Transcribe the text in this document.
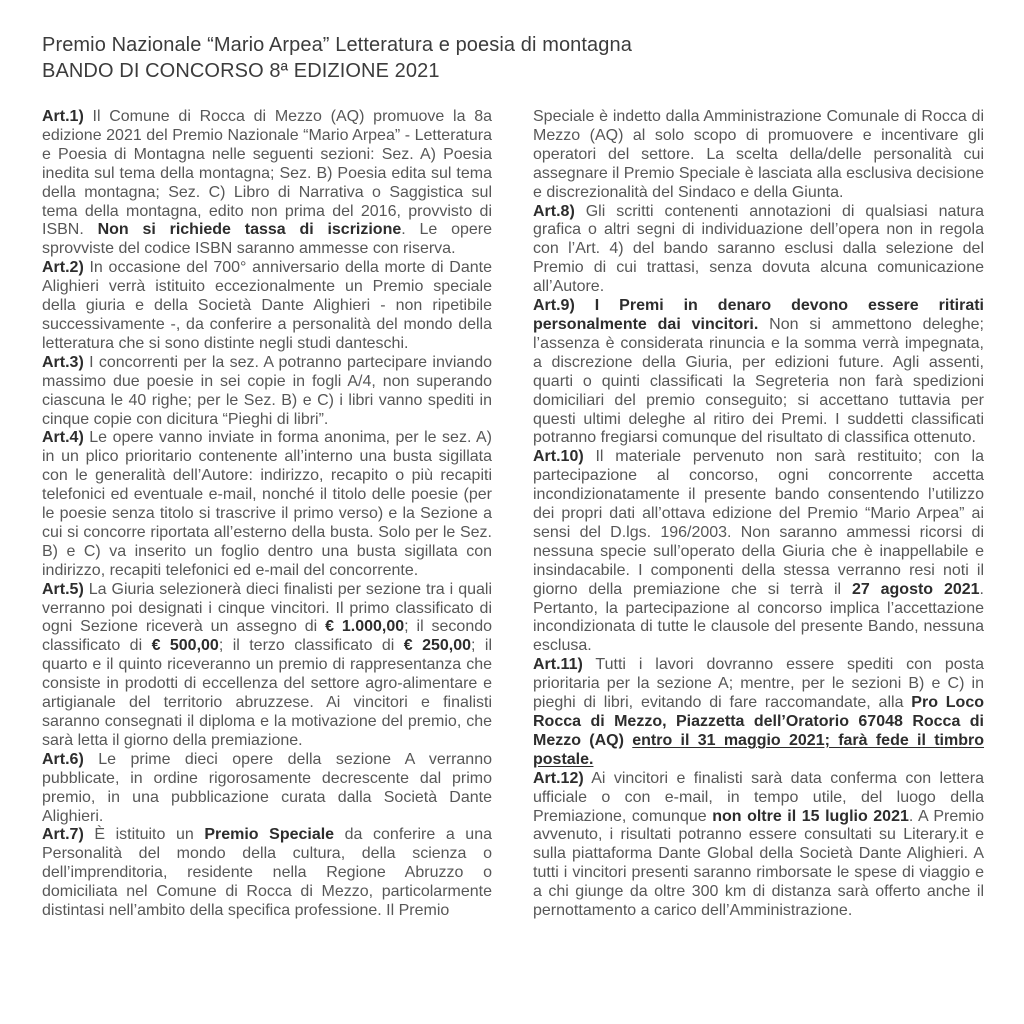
Premio Nazionale “Mario Arpea” Letteratura e poesia di montagna
BANDO DI CONCORSO 8ª EDIZIONE 2021

Art.1) Il Comune di Rocca di Mezzo (AQ) promuove la 8a edizione 2021 del Premio Nazionale “Mario Arpea” - Letteratura e Poesia di Montagna nelle seguenti sezioni: Sez. A) Poesia inedita sul tema della montagna; Sez. B) Poesia edita sul tema della montagna; Sez. C) Libro di Narrativa o Saggistica sul tema della montagna, edito non prima del 2016, provvisto di ISBN. Non si richiede tassa di iscrizione. Le opere sprovviste del codice ISBN saranno ammesse con riserva.

Art.2) In occasione del 700° anniversario della morte di Dante Alighieri verrà istituito eccezionalmente un Premio speciale della giuria e della Società Dante Alighieri - non ripetibile successivamente -, da conferire a personalità del mondo della letteratura che si sono distinte negli studi danteschi.

Art.3) I concorrenti per la sez. A potranno partecipare inviando massimo due poesie in sei copie in fogli A/4, non superando ciascuna le 40 righe; per le Sez. B) e C) i libri vanno spediti in cinque copie con dicitura “Pieghi di libri”.

Art.4) Le opere vanno inviate in forma anonima, per le sez. A) in un plico prioritario contenente all’interno una busta sigillata con le generalità dell’Autore: indirizzo, recapito o più recapiti telefonici ed eventuale e-mail, nonché il titolo delle poesie (per le poesie senza titolo si trascrive il primo verso) e la Sezione a cui si concorre riportata all’esterno della busta. Solo per le Sez. B) e C) va inserito un foglio dentro una busta sigillata con indirizzo, recapiti telefonici ed e-mail del concorrente.

Art.5) La Giuria selezionerà dieci finalisti per sezione tra i quali verranno poi designati i cinque vincitori. Il primo classificato di ogni Sezione riceverà un assegno di € 1.000,00; il secondo classificato di € 500,00; il terzo classificato di € 250,00; il quarto e il quinto riceveranno un premio di rappresentanza che consiste in prodotti di eccellenza del settore agro-alimentare e artigianale del territorio abruzzese. Ai vincitori e finalisti saranno consegnati il diploma e la motivazione del premio, che sarà letta il giorno della premiazione.

Art.6) Le prime dieci opere della sezione A verranno pubblicate, in ordine rigorosamente decrescente dal primo premio, in una pubblicazione curata dalla Società Dante Alighieri.

Art.7) È istituito un Premio Speciale da conferire a una Personalità del mondo della cultura, della scienza o dell’imprenditoria, residente nella Regione Abruzzo o domiciliata nel Comune di Rocca di Mezzo, particolarmente distintasi nell’ambito della specifica professione. Il Premio

Speciale è indetto dalla Amministrazione Comunale di Rocca di Mezzo (AQ) al solo scopo di promuovere e incentivare gli operatori del settore. La scelta della/delle personalità cui assegnare il Premio Speciale è lasciata alla esclusiva decisione e discrezionalità del Sindaco e della Giunta.

Art.8) Gli scritti contenenti annotazioni di qualsiasi natura grafica o altri segni di individuazione dell’opera non in regola con l’Art. 4) del bando saranno esclusi dalla selezione del Premio di cui trattasi, senza dovuta alcuna comunicazione all’Autore.

Art.9) I Premi in denaro devono essere ritirati personalmente dai vincitori. Non si ammettono deleghe; l’assenza è considerata rinuncia e la somma verrà impegnata, a discrezione della Giuria, per edizioni future. Agli assenti, quarti o quinti classificati la Segreteria non farà spedizioni domiciliari del premio conseguito; si accettano tuttavia per questi ultimi deleghe al ritiro dei Premi. I suddetti classificati potranno fregiarsi comunque del risultato di classifica ottenuto.

Art.10) Il materiale pervenuto non sarà restituito; con la partecipazione al concorso, ogni concorrente accetta incondizionatamente il presente bando consentendo l’utilizzo dei propri dati all’ottava edizione del Premio “Mario Arpea” ai sensi del D.lgs. 196/2003. Non saranno ammessi ricorsi di nessuna specie sull’operato della Giuria che è inappellabile e insindacabile. I componenti della stessa verranno resi noti il giorno della premiazione che si terrà il 27 agosto 2021. Pertanto, la partecipazione al concorso implica l’accettazione incondizionata di tutte le clausole del presente Bando, nessuna esclusa.

Art.11) Tutti i lavori dovranno essere spediti con posta prioritaria per la sezione A; mentre, per le sezioni B) e C) in pieghi di libri, evitando di fare raccomandate, alla Pro Loco Rocca di Mezzo, Piazzetta dell’Oratorio 67048 Rocca di Mezzo (AQ) entro il 31 maggio 2021; farà fede il timbro postale.

Art.12) Ai vincitori e finalisti sarà data conferma con lettera ufficiale o con e-mail, in tempo utile, del luogo della Premiazione, comunque non oltre il 15 luglio 2021. A Premio avvenuto, i risultati potranno essere consultati su Literary.it e sulla piattaforma Dante Global della Società Dante Alighieri. A tutti i vincitori presenti saranno rimborsate le spese di viaggio e a chi giunge da oltre 300 km di distanza sarà offerto anche il pernottamento a carico dell’Amministrazione.
